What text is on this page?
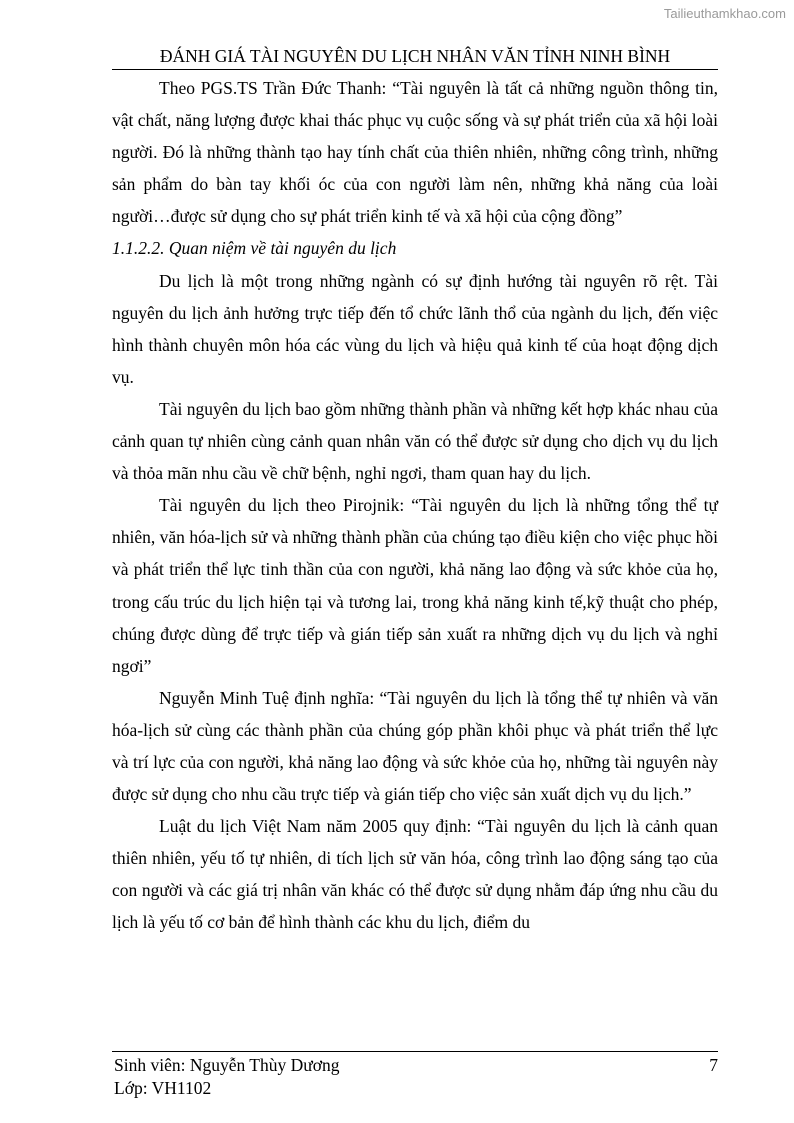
Tailieuthamkhao.com
ĐÁNH GIÁ TÀI NGUYÊN DU LỊCH NHÂN VĂN TỈNH NINH BÌNH

Theo PGS.TS Trần Đức Thanh: “Tài nguyên là tất cả những nguồn thông tin, vật chất, năng lượng được khai thác phục vụ cuộc sống và sự phát triển của xã hội loài người. Đó là những thành tạo hay tính chất của thiên nhiên, những công trình, những sản phẩm do bàn tay khối óc của con người làm nên, những khả năng của loài người…được sử dụng cho sự phát triển kinh tế và xã hội của cộng đồng”

1.1.2.2. Quan niệm về tài nguyên du lịch

Du lịch là một trong những ngành có sự định hướng tài nguyên rõ rệt. Tài nguyên du lịch ảnh hưởng trực tiếp đến tổ chức lãnh thổ của ngành du lịch, đến việc hình thành chuyên môn hóa các vùng du lịch và hiệu quả kinh tế của hoạt động dịch vụ.

Tài nguyên du lịch bao gồm những thành phần và những kết hợp khác nhau của cảnh quan tự nhiên cùng cảnh quan nhân văn có thể được sử dụng cho dịch vụ du lịch và thỏa mãn nhu cầu về chữ bệnh, nghỉ ngơi, tham quan hay du lịch.

Tài nguyên du lịch theo Pirojnik: “Tài nguyên du lịch là những tổng thể tự nhiên, văn hóa-lịch sử và những thành phần của chúng tạo điều kiện cho việc phục hồi và phát triển thể lực tinh thần của con người, khả năng lao động và sức khỏe của họ, trong cấu trúc du lịch hiện tại và tương lai, trong khả năng kinh tế,kỹ thuật cho phép, chúng được dùng để trực tiếp và gián tiếp sản xuất ra những dịch vụ du lịch và nghỉ ngơi”

Nguyễn Minh Tuệ định nghĩa: “Tài nguyên du lịch là tổng thể tự nhiên và văn hóa-lịch sử cùng các thành phần của chúng góp phần khôi phục và phát triển thể lực và trí lực của con người, khả năng lao động và sức khỏe của họ, những tài nguyên này được sử dụng cho nhu cầu trực tiếp và gián tiếp cho việc sản xuất dịch vụ du lịch.”

Luật du lịch Việt Nam năm 2005 quy định: “Tài nguyên du lịch là cảnh quan thiên nhiên, yếu tố tự nhiên, di tích lịch sử văn hóa, công trình lao động sáng tạo của con người và các giá trị nhân văn khác có thể được sử dụng nhằm đáp ứng nhu cầu du lịch là yếu tố cơ bản để hình thành các khu du lịch, điểm du

Sinh viên: Nguyễn Thùy Dương	7
Lớp: VH1102
